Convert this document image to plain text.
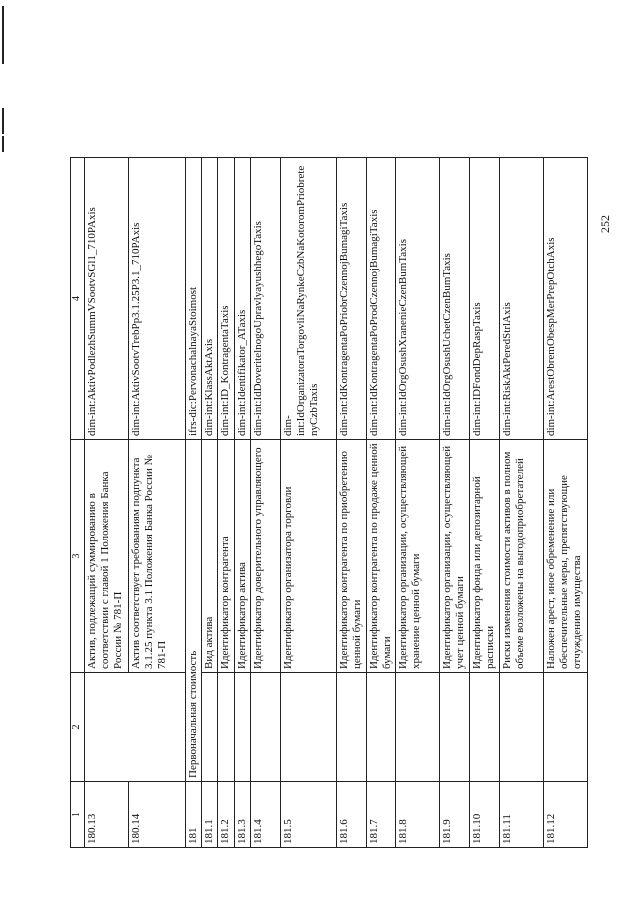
252
1	2	3	4
180.13		Актив, подлежащий суммированию в соответствии с главой 1 Положения Банка России № 781-П	dim-int:AktivPodlezhSummVSootvSGl1_710PAxis
180.14		Актив соответствует требованиям подпункта 3.1.25 пункта 3.1 Положения Банка России № 781-П	dim-int:AktivSootvTrebPp3.1.25P3.1_710PAxis
181	Первоначальная стоимость		ifrs-dic:PervonachalnayaStoimost
181.1		Вид актива	dim-int:KlassAktAxis
181.2		Идентификатор контрагента	dim-int:ID_KontragentaTaxis
181.3		Идентификатор актива	dim-int:Identifikator_ATaxis
181.4		Идентификатор доверительного управляющего	dim-int:IdDoveritelnogoUpravlyayushhegoTaxis
181.5		Идентификатор организатора торговли	dim-int:IdOrganizatoraTorgovliNaRynkeCzbNaKotoromPriobretenyCzbTaxis
181.6		Идентификатор контрагента по приобретению ценной бумаги	dim-int:IdKontragentaPoPriobrCzennojBumagiTaxis
181.7		Идентификатор контрагента по продаже ценной бумаги	dim-int:IdKontragentaPoProdCzennojBumagiTaxis
181.8		Идентификатор организации, осуществляющей хранение ценной бумаги	dim-int:IdOrgOsushXranenieCzenBumTaxis
181.9		Идентификатор организации, осуществляющей учет ценной бумаги	dim-int:IdOrgOsushUchetCzenBumTaxis
181.10		Идентификатор фонда или депозитарной расписки	dim-int:IDFondDepRaspTaxis
181.11		Риски изменения стоимости активов в полном объеме возложены на выгодоприобретателей	dim-int:RiskAktPeredStrlAxis
181.12		Наложен арест, иное обременение или обеспечительные меры, препятствующие отчуждению имущества	dim-int:ArestObremObespMerPrepOtchAxis
